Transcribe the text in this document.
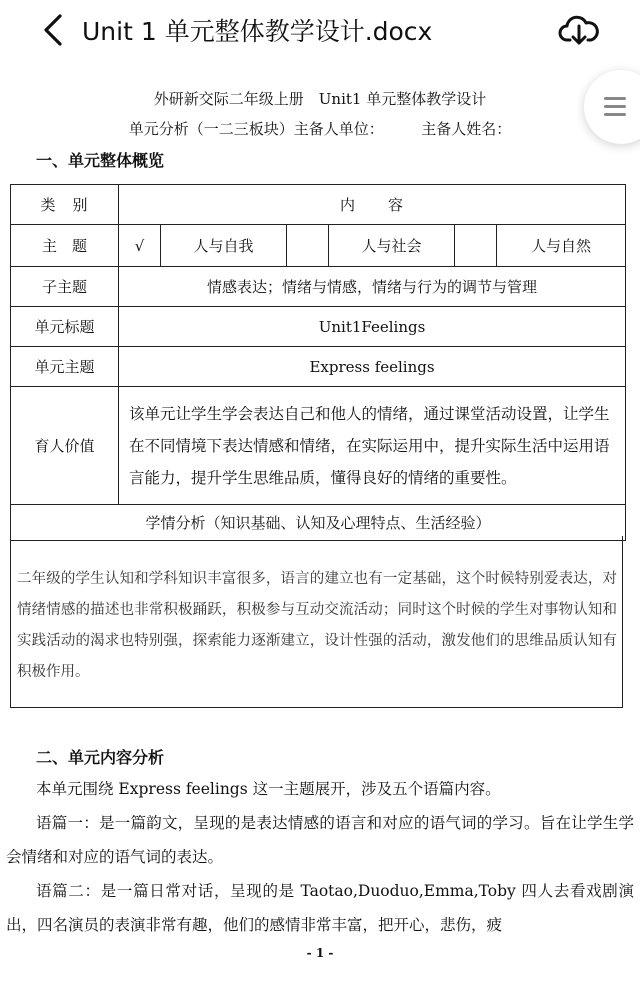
Unit 1 单元整体教学设计.docx
外研新交际二年级上册　Unit1 单元整体教学设计
单元分析（一二三板块）主备人单位：　　　主备人姓名：
一、单元整体概览
类　别	内　　容					
主　题	√	人与自我		人与社会		人与自然
子主题	情感表达；情绪与情感，情绪与行为的调节与管理					
单元标题	Unit1Feelings					
单元主题	Express feelings					
育人价值	该单元让学生学会表达自己和他人的情绪，通过课堂活动设置，让学生在不同情境下表达情感和情绪，在实际运用中，提升实际生活中运用语言能力，提升学生思维品质，懂得良好的情绪的重要性。					
学情分析（知识基础、认知及心理特点、生活经验）						
二年级的学生认知和学科知识丰富很多，语言的建立也有一定基础，这个时候特别爱表达，对情绪情感的描述也非常积极踊跃，积极参与互动交流活动；同时这个时候的学生对事物认知和实践活动的渴求也特别强，探索能力逐渐建立，设计性强的活动，激发他们的思维品质认知有积极作用。
二、单元内容分析
本单元围绕 Express feelings 这一主题展开，涉及五个语篇内容。
语篇一：是一篇韵文，呈现的是表达情感的语言和对应的语气词的学习。旨在让学生学会情绪和对应的语气词的表达。
语篇二：是一篇日常对话，呈现的是 Taotao,Duoduo,Emma,Toby 四人去看戏剧演出，四名演员的表演非常有趣，他们的感情非常丰富，把开心，悲伤，疲
- 1 -
